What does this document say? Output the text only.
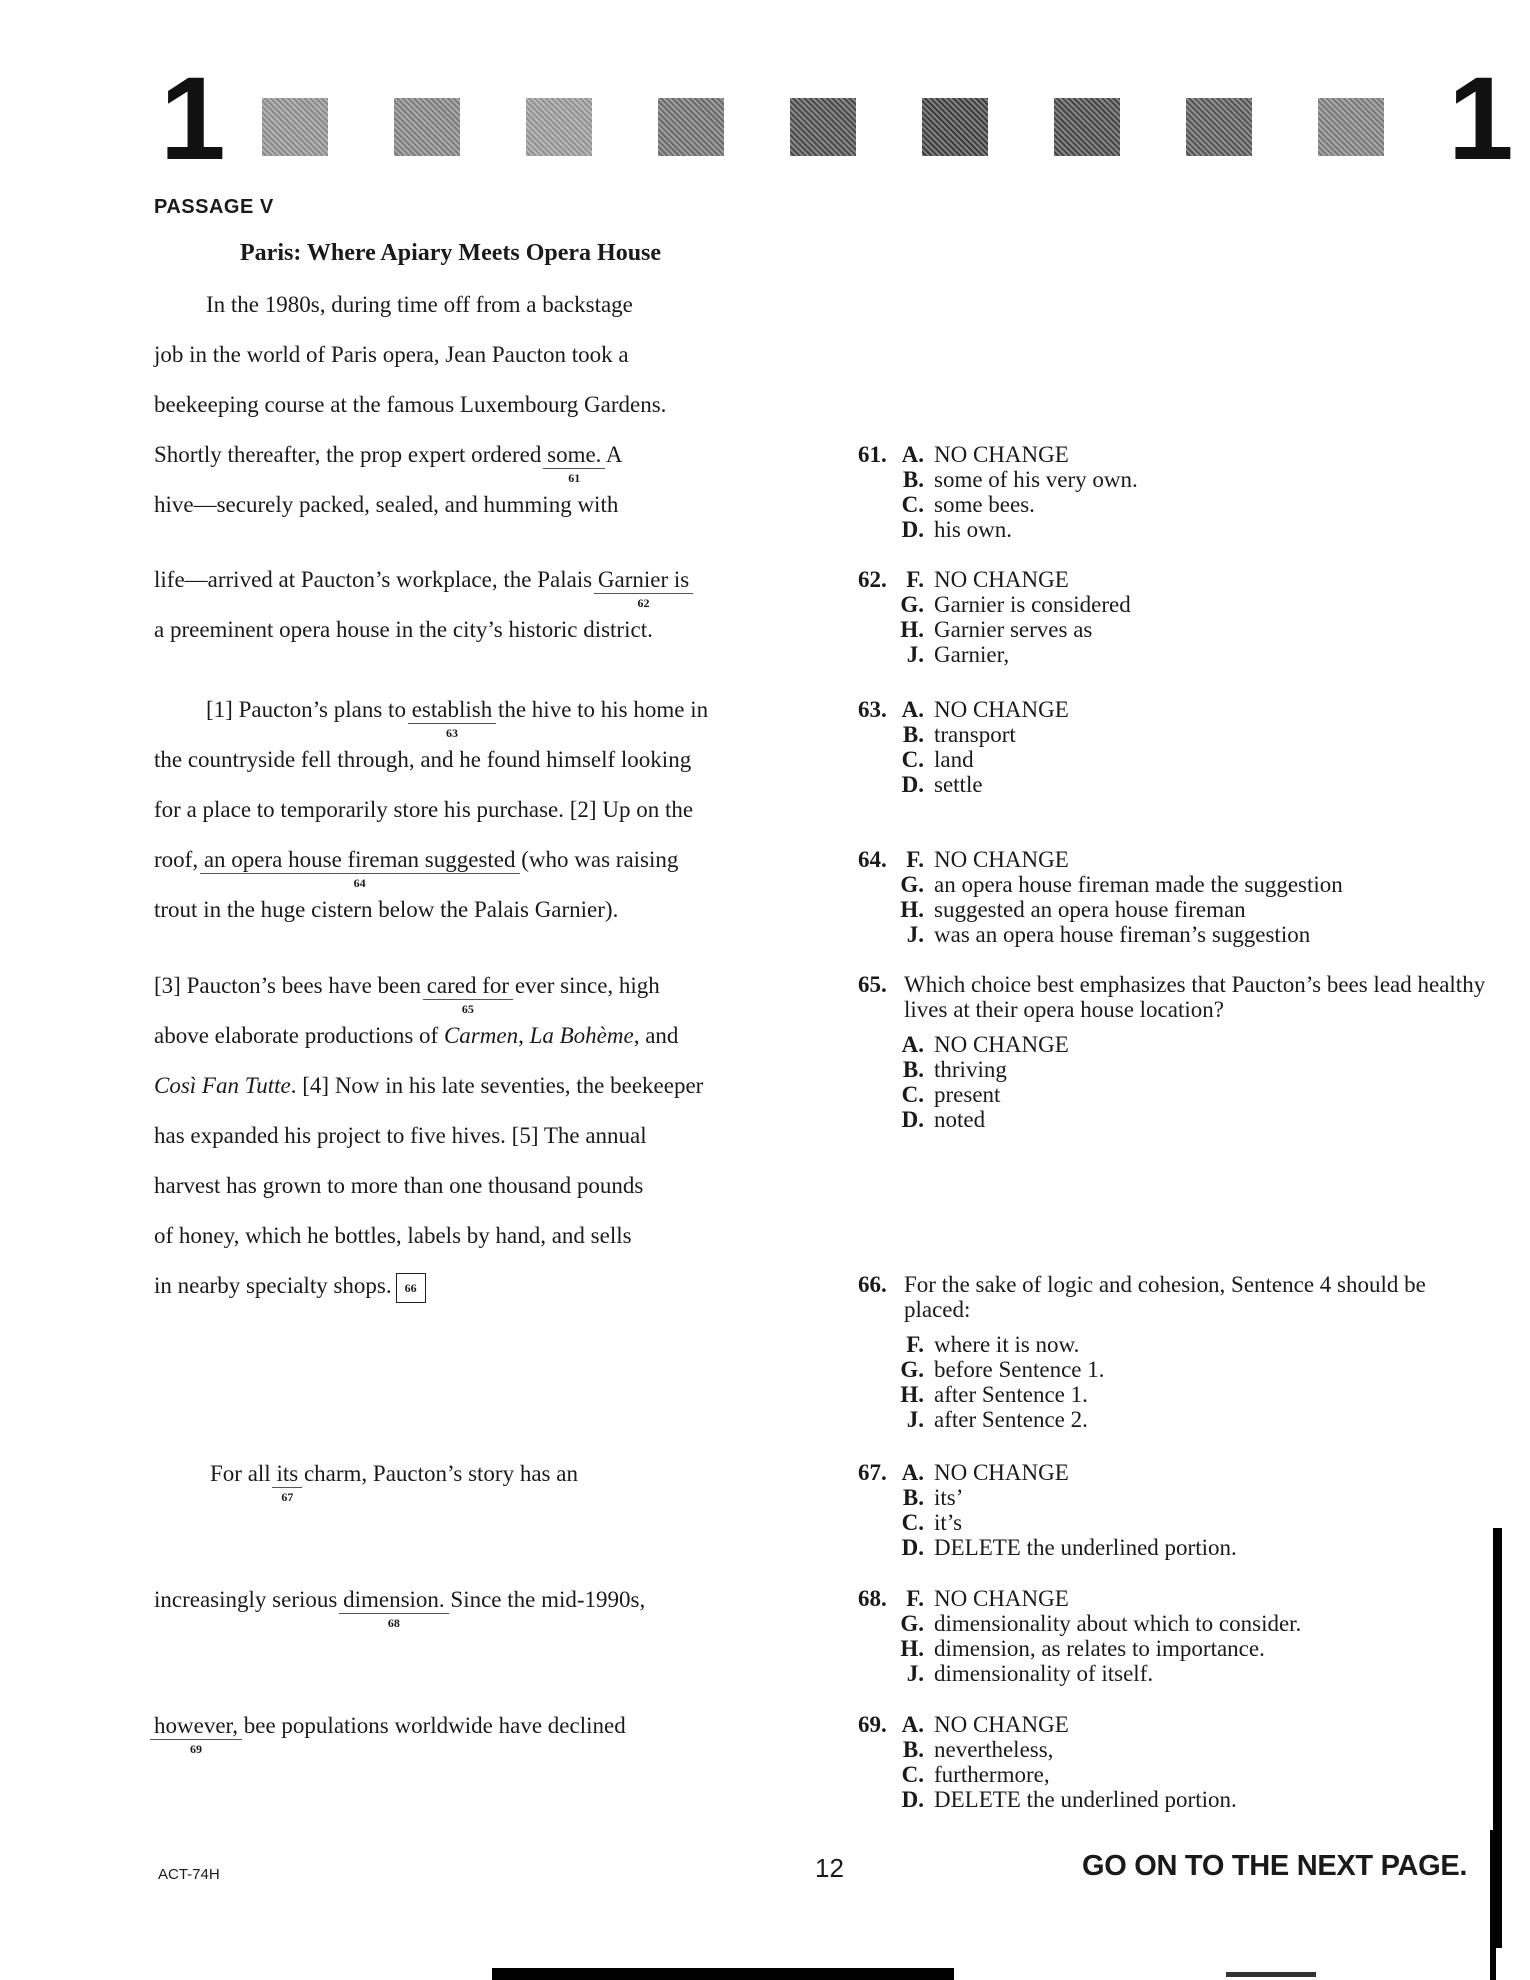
1	1
PASSAGE V
Paris: Where Apiary Meets Opera House
In the 1980s, during time off from a backstage
job in the world of Paris opera, Jean Paucton took a
beekeeping course at the famous Luxembourg Gardens.
Shortly thereafter, the prop expert ordered some.
61
A
hive—securely packed, sealed, and humming with
life—arrived at Paucton’s workplace, the Palais Garnier is
62
a preeminent opera house in the city’s historic district.
[1] Paucton’s plans to establish
63
the hive to his home in
the countryside fell through, and he found himself looking
for a place to temporarily store his purchase. [2] Up on the
roof, an opera house fireman suggested
64
(who was raising
trout in the huge cistern below the Palais Garnier).
[3] Paucton’s bees have been cared for
65
ever since, high
above elaborate productions of Carmen, La Bohème, and
Così Fan Tutte. [4] Now in his late seventies, the beekeeper
has expanded his project to five hives. [5] The annual
harvest has grown to more than one thousand pounds
of honey, which he bottles, labels by hand, and sells
in nearby specialty shops. 66
For all its
67
charm, Paucton’s story has an
increasingly serious dimension.
68
Since the mid-1990s,
however,
69
bee populations worldwide have declined
61. A. NO CHANGE
B. some of his very own.
C. some bees.
D. his own.
62. F. NO CHANGE
G. Garnier is considered
H. Garnier serves as
J. Garnier,
63. A. NO CHANGE
B. transport
C. land
D. settle
64. F. NO CHANGE
G. an opera house fireman made the suggestion
H. suggested an opera house fireman
J. was an opera house fireman’s suggestion
65. Which choice best emphasizes that Paucton’s bees lead healthy lives at their opera house location?
A. NO CHANGE
B. thriving
C. present
D. noted
66. For the sake of logic and cohesion, Sentence 4 should be placed:
F. where it is now.
G. before Sentence 1.
H. after Sentence 1.
J. after Sentence 2.
67. A. NO CHANGE
B. its’
C. it’s
D. DELETE the underlined portion.
68. F. NO CHANGE
G. dimensionality about which to consider.
H. dimension, as relates to importance.
J. dimensionality of itself.
69. A. NO CHANGE
B. nevertheless,
C. furthermore,
D. DELETE the underlined portion.
ACT-74H	12	GO ON TO THE NEXT PAGE.
